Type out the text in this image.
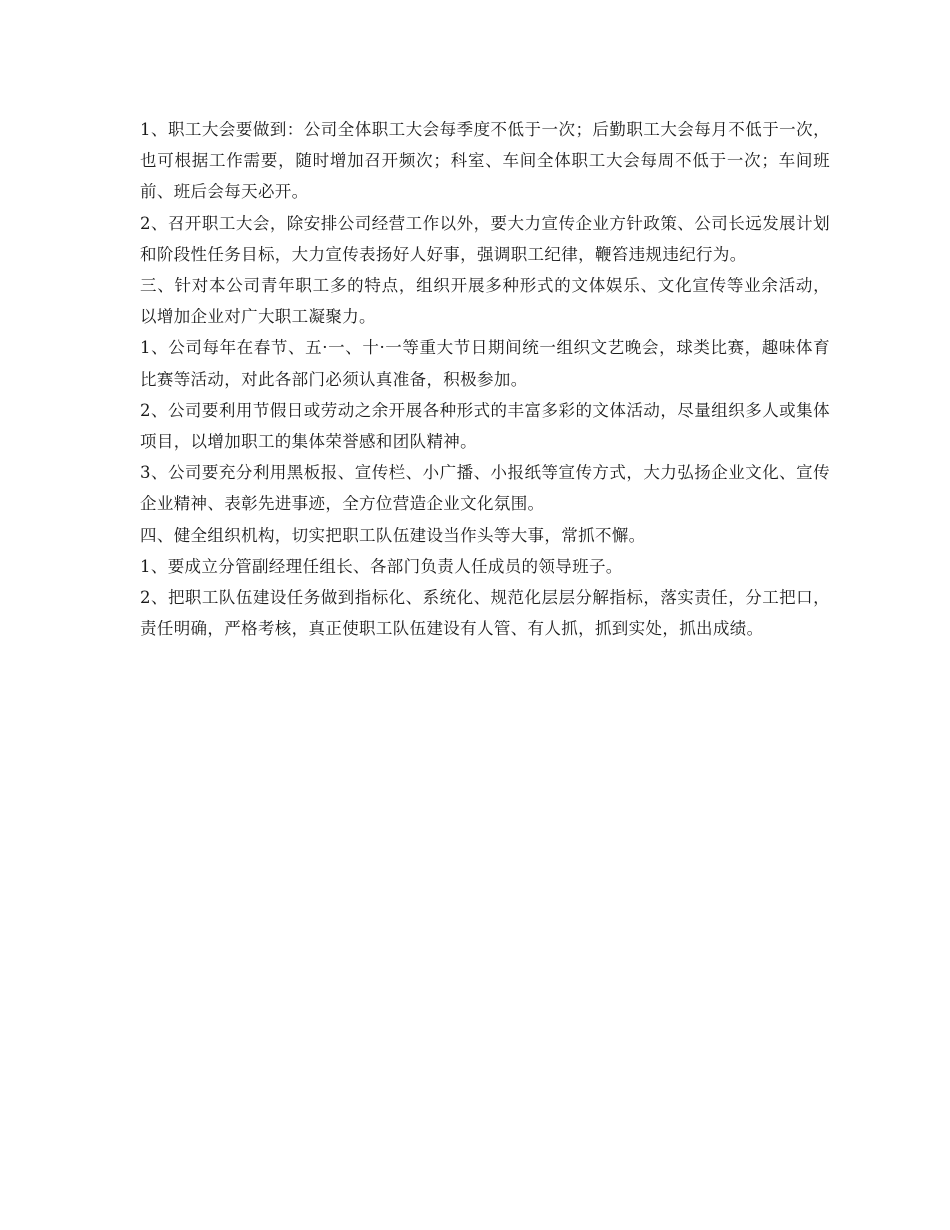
1、职工大会要做到：公司全体职工大会每季度不低于一次；后勤职工大会每月不低于一次，也可根据工作需要，随时增加召开频次；科室、车间全体职工大会每周不低于一次；车间班前、班后会每天必开。

2、召开职工大会，除安排公司经营工作以外，要大力宣传企业方针政策、公司长远发展计划和阶段性任务目标，大力宣传表扬好人好事，强调职工纪律，鞭笞违规违纪行为。

三、针对本公司青年职工多的特点，组织开展多种形式的文体娱乐、文化宣传等业余活动，以增加企业对广大职工凝聚力。

1、公司每年在春节、五·一、十·一等重大节日期间统一组织文艺晚会，球类比赛，趣味体育比赛等活动，对此各部门必须认真准备，积极参加。

2、公司要利用节假日或劳动之余开展各种形式的丰富多彩的文体活动，尽量组织多人或集体项目，以增加职工的集体荣誉感和团队精神。

3、公司要充分利用黑板报、宣传栏、小广播、小报纸等宣传方式，大力弘扬企业文化、宣传企业精神、表彰先进事迹，全方位营造企业文化氛围。

四、健全组织机构，切实把职工队伍建设当作头等大事，常抓不懈。

1、要成立分管副经理任组长、各部门负责人任成员的领导班子。

2、把职工队伍建设任务做到指标化、系统化、规范化层层分解指标，落实责任，分工把口，责任明确，严格考核，真正使职工队伍建设有人管、有人抓，抓到实处，抓出成绩。
